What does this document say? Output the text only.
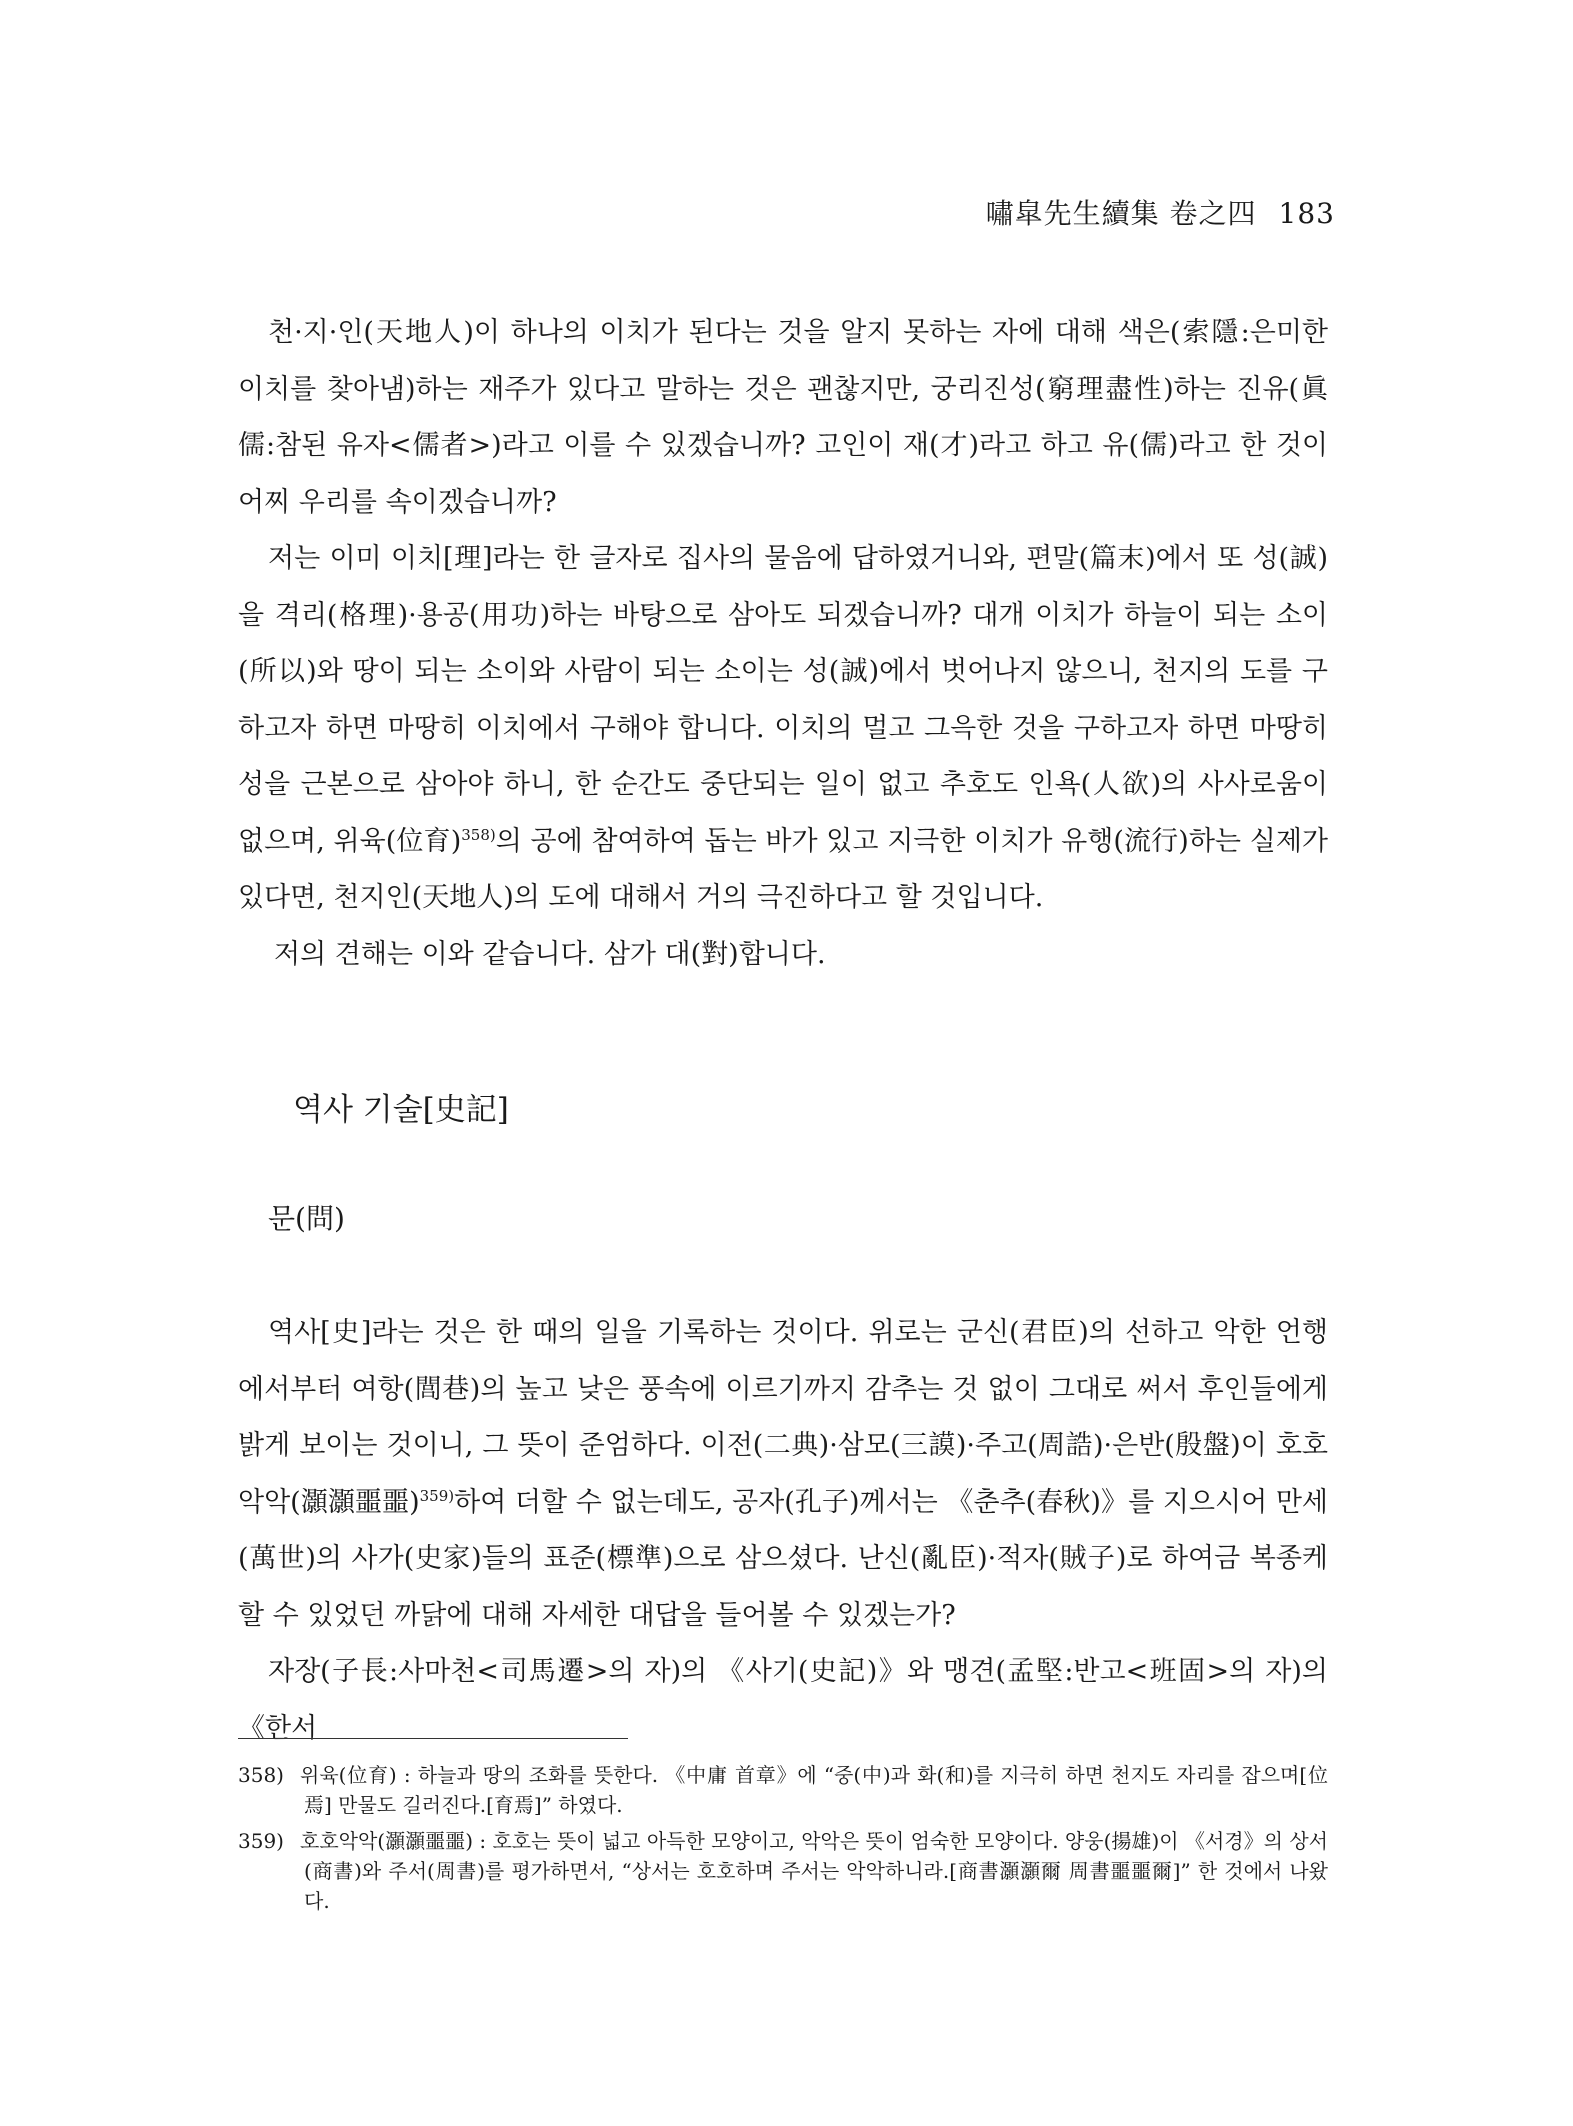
嘯皐先生續集 卷之四 183

천·지·인(天地人)이 하나의 이치가 된다는 것을 알지 못하는 자에 대해 색은(索隱:은미한 이치를 찾아냄)하는 재주가 있다고 말하는 것은 괜찮지만, 궁리진성(窮理盡性)하는 진유(眞儒:참된 유자<儒者>)라고 이를 수 있겠습니까? 고인이 재(才)라고 하고 유(儒)라고 한 것이 어찌 우리를 속이겠습니까?

저는 이미 이치[理]라는 한 글자로 집사의 물음에 답하였거니와, 편말(篇末)에서 또 성(誠)을 격리(格理)·용공(用功)하는 바탕으로 삼아도 되겠습니까? 대개 이치가 하늘이 되는 소이(所以)와 땅이 되는 소이와 사람이 되는 소이는 성(誠)에서 벗어나지 않으니, 천지의 도를 구하고자 하면 마땅히 이치에서 구해야 합니다. 이치의 멀고 그윽한 것을 구하고자 하면 마땅히 성을 근본으로 삼아야 하니, 한 순간도 중단되는 일이 없고 추호도 인욕(人欲)의 사사로움이 없으며, 위육(位育)$^{358)}$의 공에 참여하여 돕는 바가 있고 지극한 이치가 유행(流行)하는 실제가 있다면, 천지인(天地人)의 도에 대해서 거의 극진하다고 할 것입니다.

저의 견해는 이와 같습니다. 삼가 대(對)합니다.

역사 기술[史記]
문(問)

역사[史]라는 것은 한 때의 일을 기록하는 것이다. 위로는 군신(君臣)의 선하고 악한 언행에서부터 여항(閭巷)의 높고 낮은 풍속에 이르기까지 감추는 것 없이 그대로 써서 후인들에게 밝게 보이는 것이니, 그 뜻이 준엄하다. 이전(二典)·삼모(三謨)·주고(周誥)·은반(殷盤)이 호호악악(灝灝噩噩)$^{359)}$하여 더할 수 없는데도, 공자(孔子)께서는 《춘추(春秋)》를 지으시어 만세(萬世)의 사가(史家)들의 표준(標準)으로 삼으셨다. 난신(亂臣)·적자(賊子)로 하여금 복종케 할 수 있었던 까닭에 대해 자세한 대답을 들어볼 수 있겠는가?

자장(子長:사마천<司馬遷>의 자)의 《사기(史記)》와 맹견(孟堅:반고<班固>의 자)의 《한서

358) 위육(位育) : 하늘과 땅의 조화를 뜻한다. 《中庸 首章》에 “중(中)과 화(和)를 지극히 하면 천지도 자리를 잡으며[位焉] 만물도 길러진다.[育焉]” 하였다.

359) 호호악악(灝灝噩噩) : 호호는 뜻이 넓고 아득한 모양이고, 악악은 뜻이 엄숙한 모양이다. 양웅(揚雄)이 《서경》의 상서(商書)와 주서(周書)를 평가하면서, “상서는 호호하며 주서는 악악하니라.[商書灝灝爾 周書噩噩爾]” 한 것에서 나왔다.
